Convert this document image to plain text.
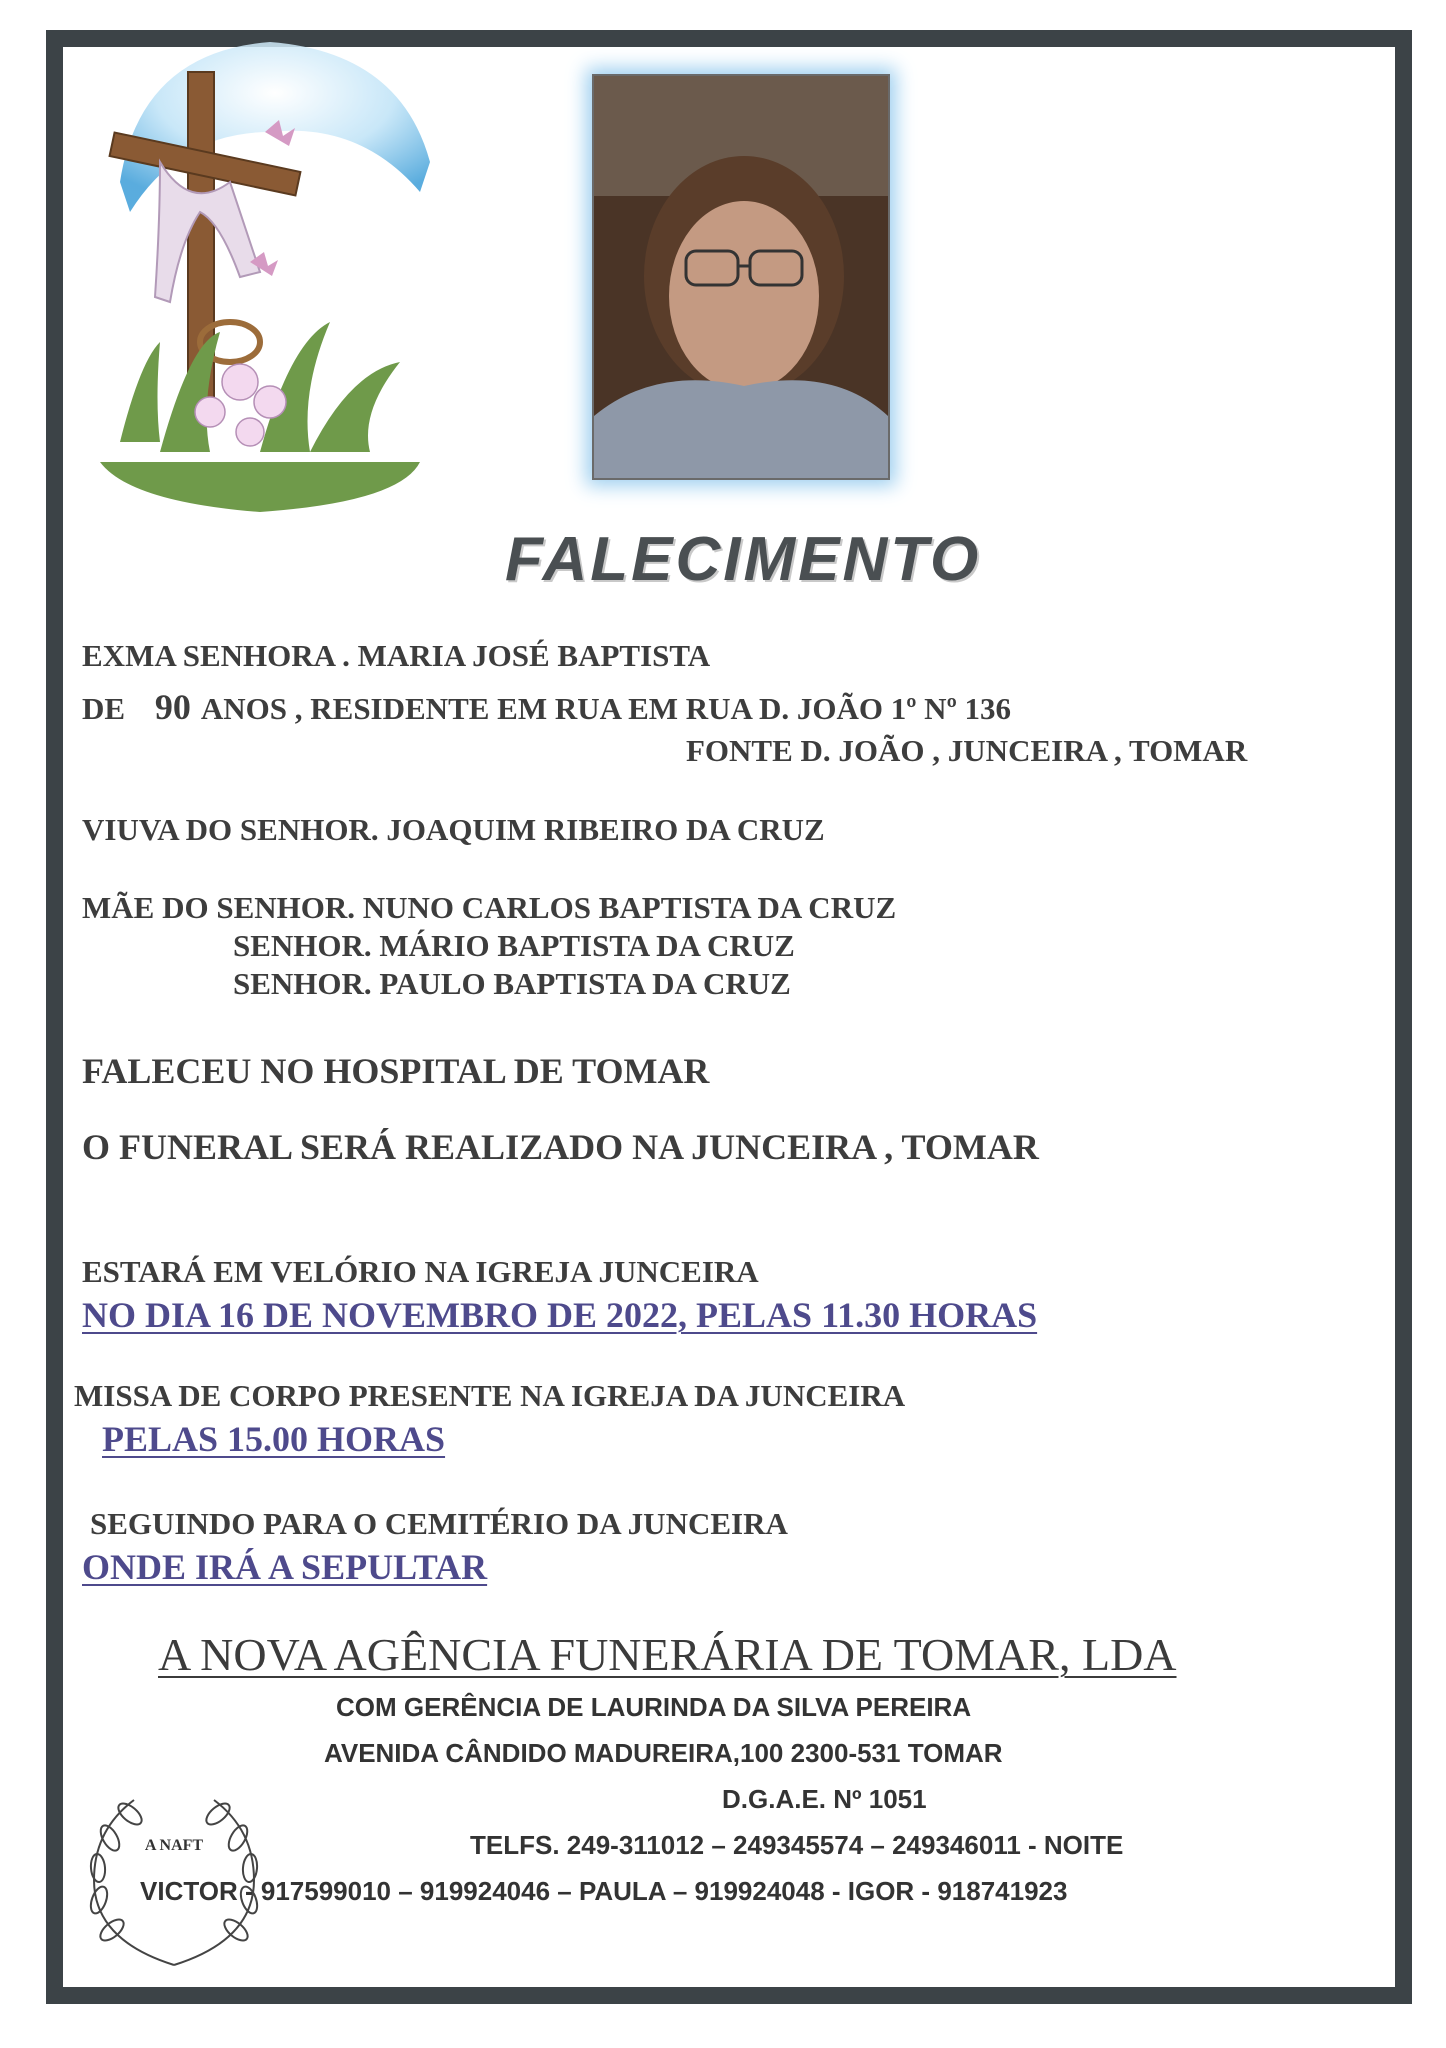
FALECIMENTO
EXMA SENHORA . MARIA JOSÉ BAPTISTA
DE 90 ANOS , RESIDENTE EM RUA EM RUA D. JOÃO 1º Nº 136
FONTE D. JOÃO , JUNCEIRA , TOMAR
VIUVA DO SENHOR. JOAQUIM RIBEIRO DA CRUZ
MÃE DO SENHOR. NUNO CARLOS BAPTISTA DA CRUZ
SENHOR. MÁRIO BAPTISTA DA CRUZ
SENHOR. PAULO BAPTISTA DA CRUZ
FALECEU NO HOSPITAL DE TOMAR
O FUNERAL SERÁ REALIZADO NA JUNCEIRA , TOMAR
ESTARÁ EM VELÓRIO NA IGREJA JUNCEIRA
NO DIA 16 DE NOVEMBRO DE 2022, PELAS 11.30 HORAS
MISSA DE CORPO PRESENTE NA IGREJA DA JUNCEIRA
PELAS 15.00 HORAS
SEGUINDO PARA O CEMITÉRIO DA JUNCEIRA
ONDE IRÁ A SEPULTAR
A NOVA AGÊNCIA FUNERÁRIA DE TOMAR, LDA
COM GERÊNCIA DE LAURINDA DA SILVA PEREIRA
AVENIDA CÂNDIDO MADUREIRA,100 2300-531 TOMAR
D.G.A.E. Nº 1051
TELFS. 249-311012 – 249345574 – 249346011 - NOITE
VICTOR - 917599010 – 919924046 – PAULA – 919924048 - IGOR - 918741923
A NAFT
